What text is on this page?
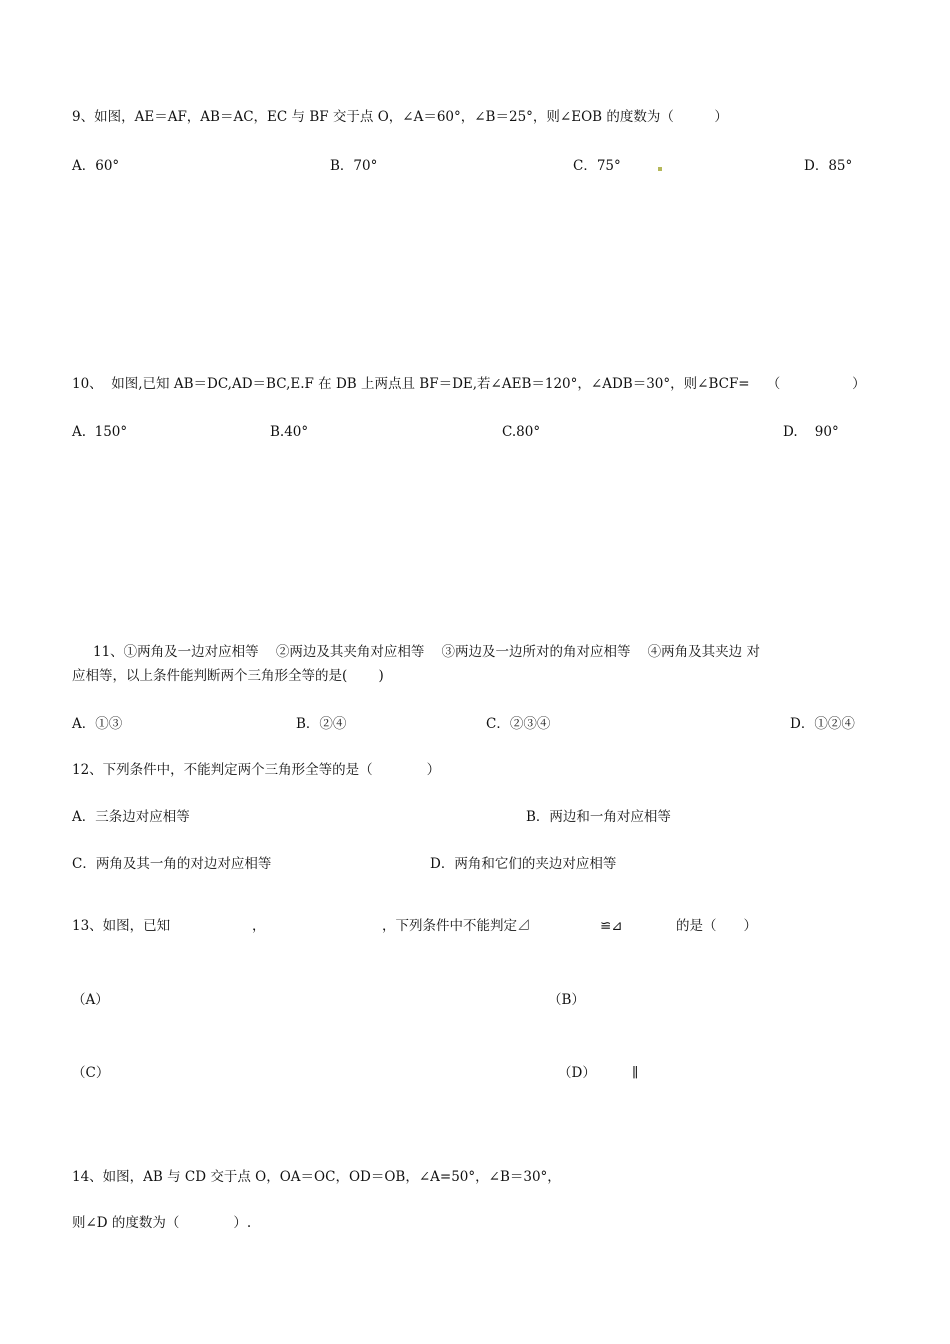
9、如图，AE＝AF，AB＝AC，EC 与 BF 交于点 O，∠A＝60°，∠B＝25°，则∠EOB 的度数为（　　　）
A．60°	B．70°	C．75°	D．85°
10、  如图,已知 AB＝DC,AD＝BC,E.F 在 DB 上两点且 BF＝DE,若∠AEB＝120°，∠ADB＝30°，则∠BCF=    （　　　　　 ）
A.  150°	B.40°	C.80°	D.    90°
11、①两角及一边对应相等    ②两边及其夹角对应相等    ③两边及一边所对的角对应相等    ④两角及其夹边 对
应相等，以上条件能判断两个三角形全等的是(　　 )
A．①③	B．②④	C．②③④	D．①②④
12、下列条件中，不能判定两个三角形全等的是（　　　　）
A．三条边对应相等	B．两边和一角对应相等
C．两角及其一角的对边对应相等	D．两角和它们的夹边对应相等
13、如图，已知	，	，下列条件中不能判定⊿	≌⊿	的是（　　）
（A）	（B）
（C）	（D）	∥
14、如图，AB 与 CD 交于点 O，OA＝OC，OD＝OB，∠A=50°，∠B＝30°，
则∠D 的度数为（　　　　）.
